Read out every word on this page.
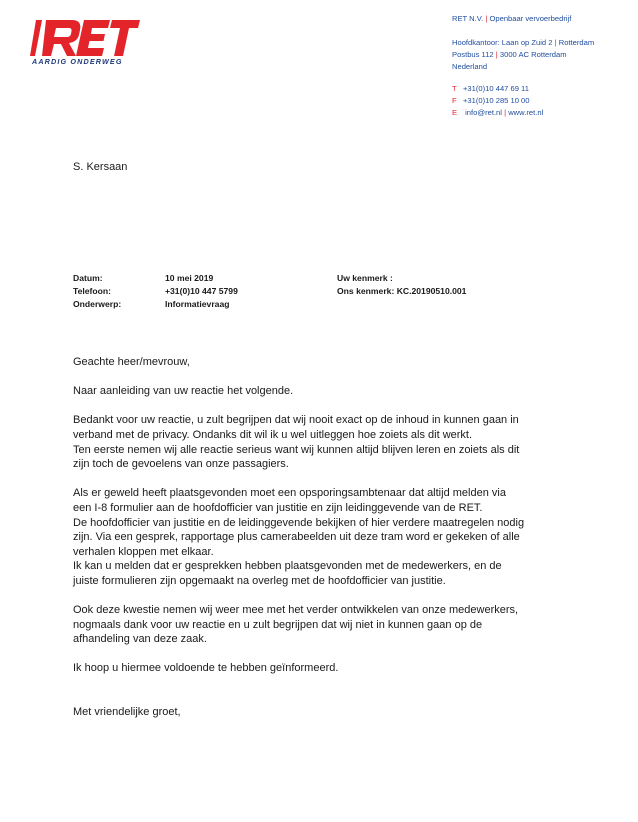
AARDIG ONDERWEG
RET N.V. | Openbaar vervoerbedrijf
Hoofdkantoor: Laan op Zuid 2 | Rotterdam
Postbus 112 | 3000 AC Rotterdam
Nederland
T +31(0)10 447 69 11
F +31(0)10 285 10 00
E info@ret.nl | www.ret.nl
S. Kersaan
Datum:	10 mei 2019	Uw kenmerk :
Telefoon:	+31(0)10 447 5799	Ons kenmerk: KC.20190510.001
Onderwerp:	Informatievraag

Geachte heer/mevrouw,

Naar aanleiding van uw reactie het volgende.

Bedankt voor uw reactie, u zult begrijpen dat wij nooit exact op de inhoud in kunnen gaan in
verband met de privacy. Ondanks dit wil ik u wel uitleggen hoe zoiets als dit werkt.
Ten eerste nemen wij alle reactie serieus want wij kunnen altijd blijven leren en zoiets als dit
zijn toch de gevoelens van onze passagiers.

Als er geweld heeft plaatsgevonden moet een opsporingsambtenaar dat altijd melden via
een I-8 formulier aan de hoofdofficier van justitie en zijn leidinggevende van de RET.
De hoofdofficier van justitie en de leidinggevende bekijken of hier verdere maatregelen nodig
zijn. Via een gesprek, rapportage plus camerabeelden uit deze tram word er gekeken of alle
verhalen kloppen met elkaar.
Ik kan u melden dat er gesprekken hebben plaatsgevonden met de medewerkers, en de
juiste formulieren zijn opgemaakt na overleg met de hoofdofficier van justitie.

Ook deze kwestie nemen wij weer mee met het verder ontwikkelen van onze medewerkers,
nogmaals dank voor uw reactie en u zult begrijpen dat wij niet in kunnen gaan op de
afhandeling van deze zaak.

Ik hoop u hiermee voldoende te hebben geïnformeerd.

Met vriendelijke groet,
